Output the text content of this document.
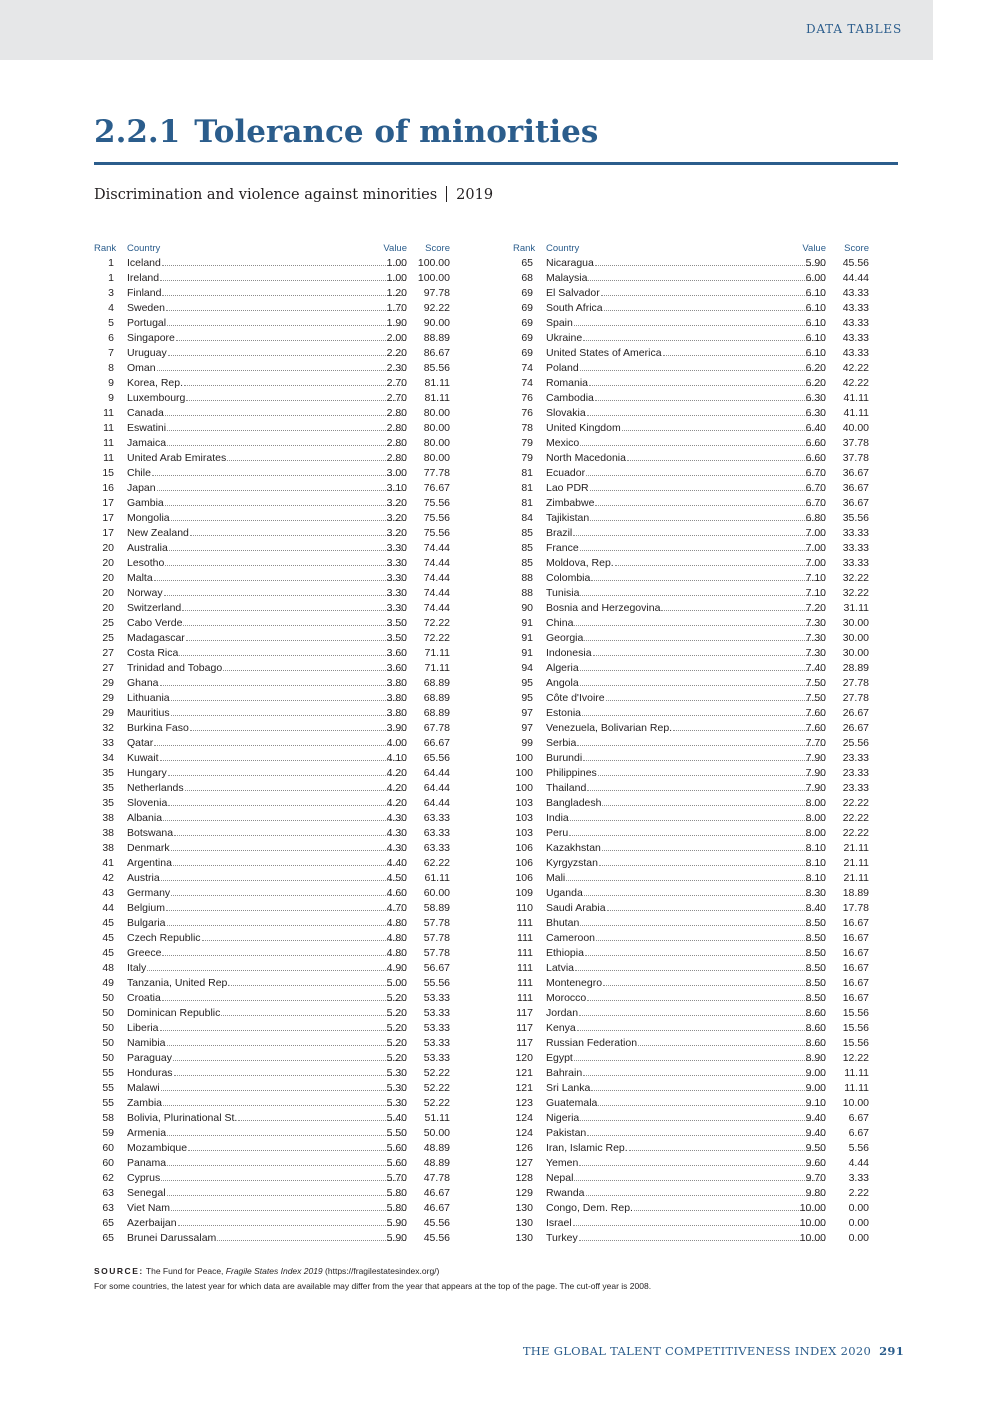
DATA TABLES
2.2.1 Tolerance of minorities
Discrimination and violence against minorities 2019
Rank Country	Value	Score
1 Iceland	1.00	100.00
1 Ireland	1.00	100.00
3 Finland	1.20	97.78
4 Sweden	1.70	92.22
5 Portugal	1.90	90.00
6 Singapore	2.00	88.89
7 Uruguay	2.20	86.67
8 Oman	2.30	85.56
9 Korea, Rep.	2.70	81.11
9 Luxembourg	2.70	81.11
11 Canada	2.80	80.00
11 Eswatini	2.80	80.00
11 Jamaica	2.80	80.00
11 United Arab Emirates	2.80	80.00
15 Chile	3.00	77.78
16 Japan	3.10	76.67
17 Gambia	3.20	75.56
17 Mongolia	3.20	75.56
17 New Zealand	3.20	75.56
20 Australia	3.30	74.44
20 Lesotho	3.30	74.44
20 Malta	3.30	74.44
20 Norway	3.30	74.44
20 Switzerland	3.30	74.44
25 Cabo Verde	3.50	72.22
25 Madagascar	3.50	72.22
27 Costa Rica	3.60	71.11
27 Trinidad and Tobago	3.60	71.11
29 Ghana	3.80	68.89
29 Lithuania	3.80	68.89
29 Mauritius	3.80	68.89
32 Burkina Faso	3.90	67.78
33 Qatar	4.00	66.67
34 Kuwait	4.10	65.56
35 Hungary	4.20	64.44
35 Netherlands	4.20	64.44
35 Slovenia	4.20	64.44
38 Albania	4.30	63.33
38 Botswana	4.30	63.33
38 Denmark	4.30	63.33
41 Argentina	4.40	62.22
42 Austria	4.50	61.11
43 Germany	4.60	60.00
44 Belgium	4.70	58.89
45 Bulgaria	4.80	57.78
45 Czech Republic	4.80	57.78
45 Greece	4.80	57.78
48 Italy	4.90	56.67
49 Tanzania, United Rep.	5.00	55.56
50 Croatia	5.20	53.33
50 Dominican Republic	5.20	53.33
50 Liberia	5.20	53.33
50 Namibia	5.20	53.33
50 Paraguay	5.20	53.33
55 Honduras	5.30	52.22
55 Malawi	5.30	52.22
55 Zambia	5.30	52.22
58 Bolivia, Plurinational St.	5.40	51.11
59 Armenia	5.50	50.00
60 Mozambique	5.60	48.89
60 Panama	5.60	48.89
62 Cyprus	5.70	47.78
63 Senegal	5.80	46.67
63 Viet Nam	5.80	46.67
65 Azerbaijan	5.90	45.56
65 Brunei Darussalam	5.90	45.56
Rank Country	Value	Score
65 Nicaragua	5.90	45.56
68 Malaysia	6.00	44.44
69 El Salvador	6.10	43.33
69 South Africa	6.10	43.33
69 Spain	6.10	43.33
69 Ukraine	6.10	43.33
69 United States of America	6.10	43.33
74 Poland	6.20	42.22
74 Romania	6.20	42.22
76 Cambodia	6.30	41.11
76 Slovakia	6.30	41.11
78 United Kingdom	6.40	40.00
79 Mexico	6.60	37.78
79 North Macedonia	6.60	37.78
81 Ecuador	6.70	36.67
81 Lao PDR	6.70	36.67
81 Zimbabwe	6.70	36.67
84 Tajikistan	6.80	35.56
85 Brazil	7.00	33.33
85 France	7.00	33.33
85 Moldova, Rep.	7.00	33.33
88 Colombia	7.10	32.22
88 Tunisia	7.10	32.22
90 Bosnia and Herzegovina	7.20	31.11
91 China	7.30	30.00
91 Georgia	7.30	30.00
91 Indonesia	7.30	30.00
94 Algeria	7.40	28.89
95 Angola	7.50	27.78
95 Côte d'Ivoire	7.50	27.78
97 Estonia	7.60	26.67
97 Venezuela, Bolivarian Rep.	7.60	26.67
99 Serbia	7.70	25.56
100 Burundi	7.90	23.33
100 Philippines	7.90	23.33
100 Thailand	7.90	23.33
103 Bangladesh	8.00	22.22
103 India	8.00	22.22
103 Peru	8.00	22.22
106 Kazakhstan	8.10	21.11
106 Kyrgyzstan	8.10	21.11
106 Mali	8.10	21.11
109 Uganda	8.30	18.89
110 Saudi Arabia	8.40	17.78
111 Bhutan	8.50	16.67
111 Cameroon	8.50	16.67
111 Ethiopia	8.50	16.67
111 Latvia	8.50	16.67
111 Montenegro	8.50	16.67
111 Morocco	8.50	16.67
117 Jordan	8.60	15.56
117 Kenya	8.60	15.56
117 Russian Federation	8.60	15.56
120 Egypt	8.90	12.22
121 Bahrain	9.00	11.11
121 Sri Lanka	9.00	11.11
123 Guatemala	9.10	10.00
124 Nigeria	9.40	6.67
124 Pakistan	9.40	6.67
126 Iran, Islamic Rep.	9.50	5.56
127 Yemen	9.60	4.44
128 Nepal	9.70	3.33
129 Rwanda	9.80	2.22
130 Congo, Dem. Rep.	10.00	0.00
130 Israel	10.00	0.00
130 Turkey	10.00	0.00
SOURCE: The Fund for Peace, Fragile States Index 2019 (https://fragilestatesindex.org/)
For some countries, the latest year for which data are available may differ from the year that appears at the top of the page. The cut-off year is 2008.
THE GLOBAL TALENT COMPETITIVENESS INDEX 2020 291
